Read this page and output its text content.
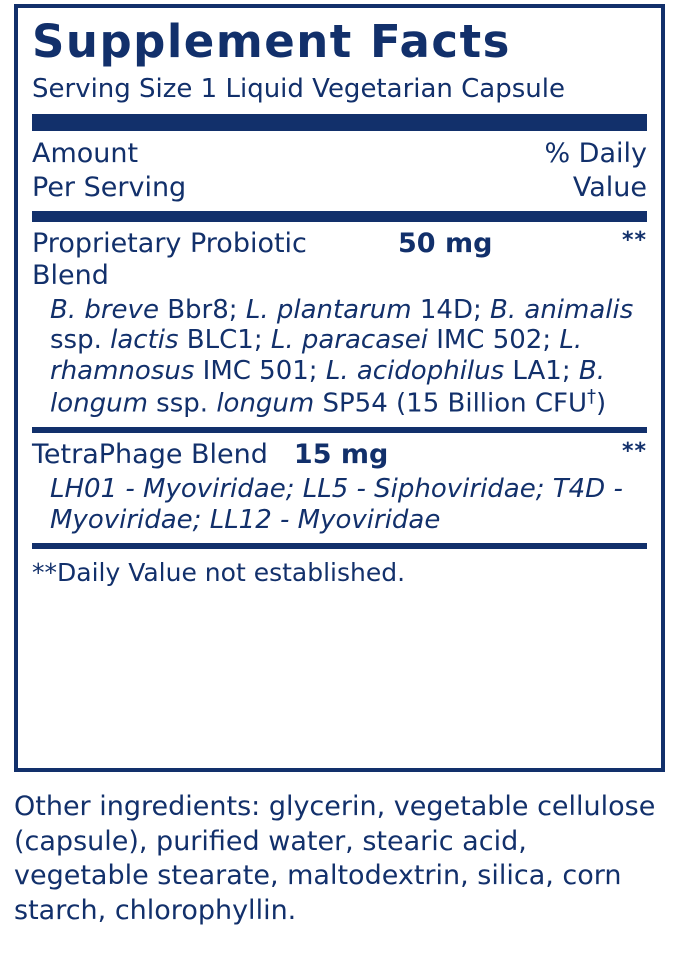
Supplement Facts
Serving Size 1 Liquid Vegetarian Capsule
Amount
Per Serving
% Daily
Value
Proprietary Probiotic Blend
50 mg	**
B. breve Bbr8; L. plantarum 14D; B. animalis ssp. lactis BLC1; L. paracasei IMC 502; L. rhamnosus IMC 501; L. acidophilus LA1; B. longum ssp. longum SP54 (15 Billion CFU†)
TetraPhage Blend 15 mg	**
LH01 - Myoviridae; LL5 - Siphoviridae; T4D - Myoviridae; LL12 - Myoviridae
**Daily Value not established.
Other ingredients: glycerin, vegetable cellulose (capsule), purified water, stearic acid, vegetable stearate, maltodextrin, silica, corn starch, chlorophyllin.
